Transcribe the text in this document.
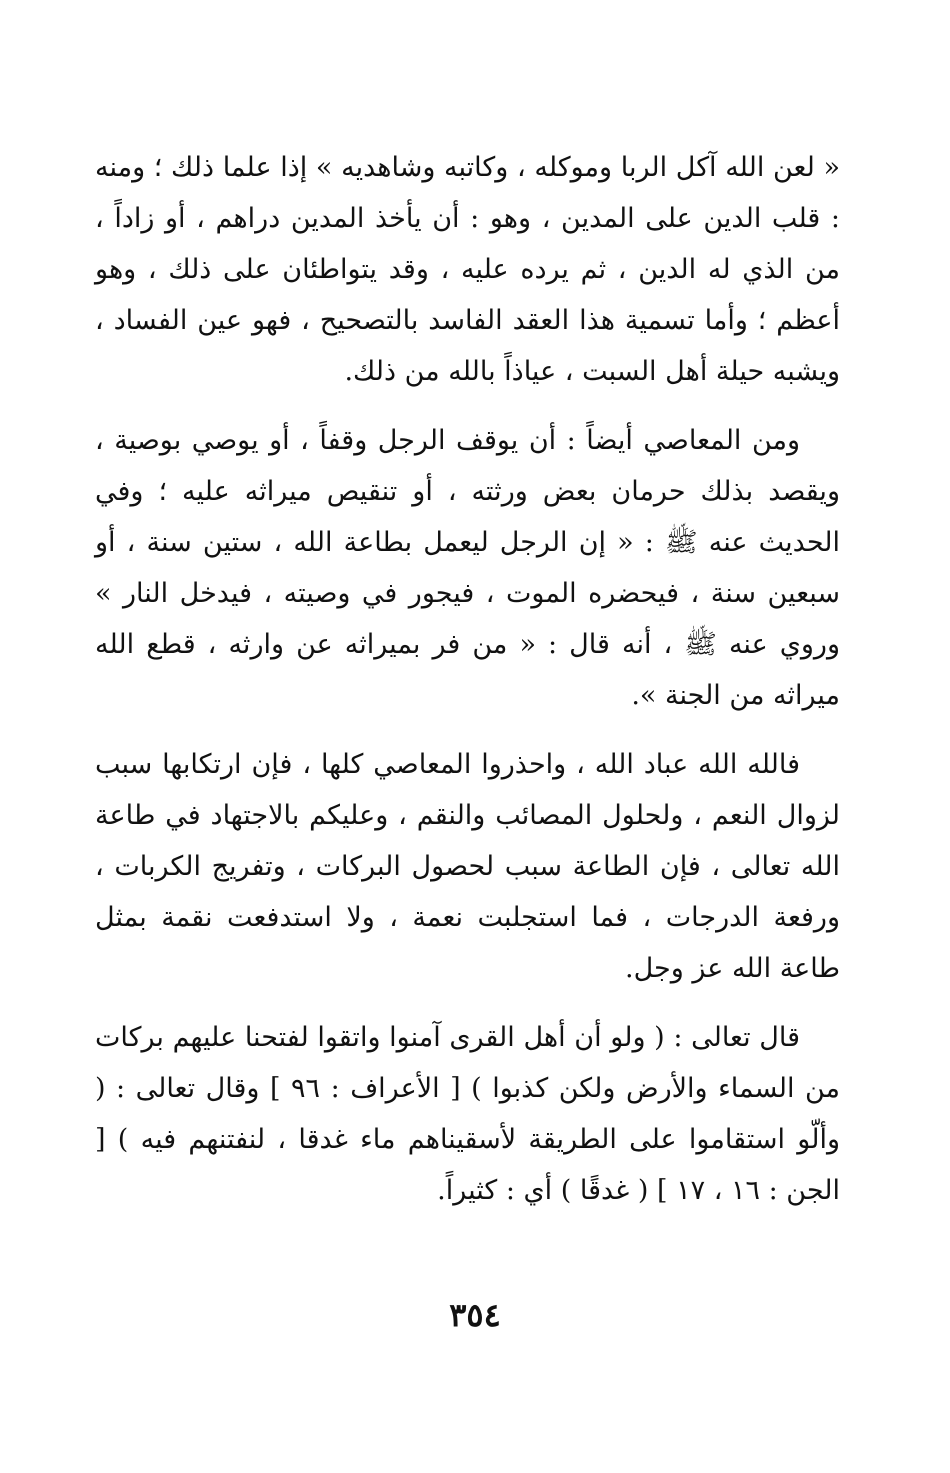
« لعن الله آكل الربا وموكله ، وكاتبه وشاهديه » إذا علما ذلك ؛ ومنه : قلب الدين على المدين ، وهو : أن يأخذ المدين دراهم ، أو زاداً ، من الذي له الدين ، ثم يرده عليه ، وقد يتواطئان على ذلك ، وهو أعظم ؛ وأما تسمية هذا العقد الفاسد بالتصحيح ، فهو عين الفساد ، ويشبه حيلة أهل السبت ، عياذاً بالله من ذلك.

ومن المعاصي أيضاً : أن يوقف الرجل وقفاً ، أو يوصي بوصية ، ويقصد بذلك حرمان بعض ورثته ، أو تنقيص ميراثه عليه ؛ وفي الحديث عنه ﷺ : « إن الرجل ليعمل بطاعة الله ، ستين سنة ، أو سبعين سنة ، فيحضره الموت ، فيجور في وصيته ، فيدخل النار » وروي عنه ﷺ ، أنه قال : « من فر بميراثه عن وارثه ، قطع الله ميراثه من الجنة ».

فالله الله عباد الله ، واحذروا المعاصي كلها ، فإن ارتكابها سبب لزوال النعم ، ولحلول المصائب والنقم ، وعليكم بالاجتهاد في طاعة الله تعالى ، فإن الطاعة سبب لحصول البركات ، وتفريج الكربات ، ورفعة الدرجات ، فما استجلبت نعمة ، ولا استدفعت نقمة بمثل طاعة الله عز وجل.

قال تعالى : ( ولو أن أهل القرى آمنوا واتقوا لفتحنا عليهم بركات من السماء والأرض ولكن كذبوا ) [ الأعراف : ٩٦ ] وقال تعالى : ( وألّو استقاموا على الطريقة لأسقيناهم ماء غدقا ، لنفتنهم فيه ) [ الجن : ١٦ ، ١٧ ] ( غدقًا ) أي : كثيراً.

٣٥٤
